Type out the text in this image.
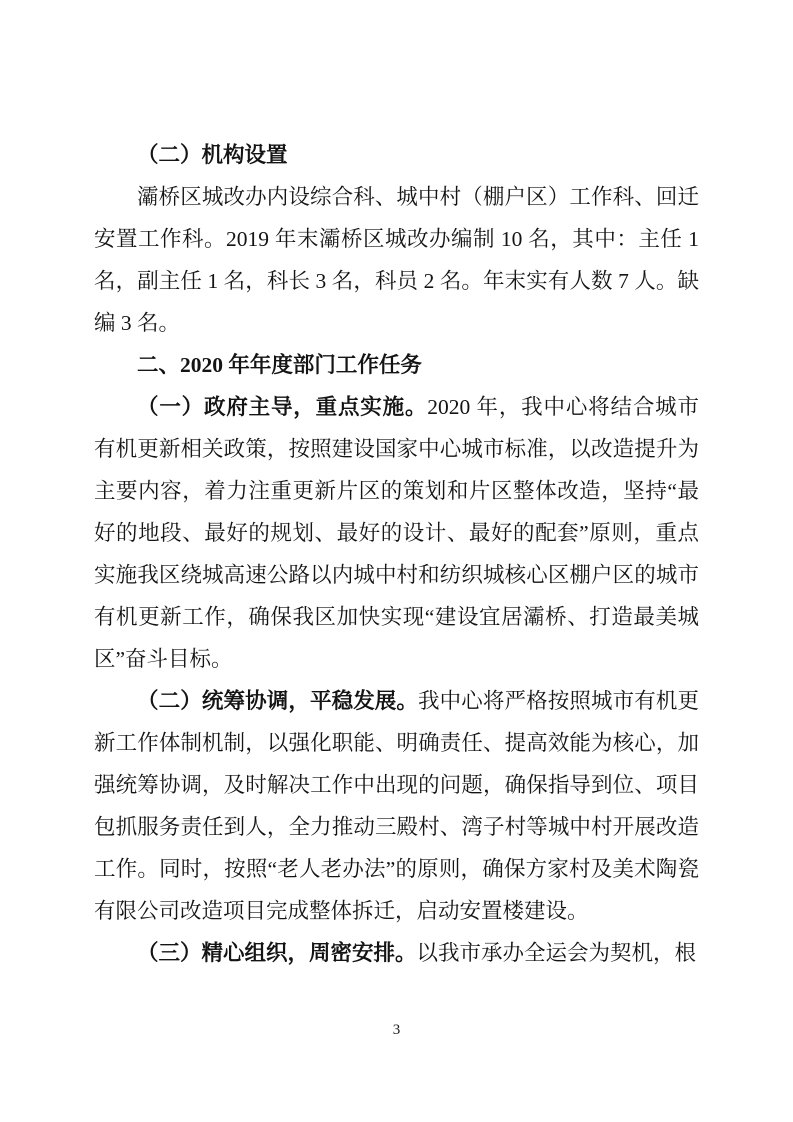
（二）机构设置

灞桥区城改办内设综合科、城中村（棚户区）工作科、回迁安置工作科。2019 年末灞桥区城改办编制 10 名，其中：主任 1 名，副主任 1 名，科长 3 名，科员 2 名。年末实有人数 7 人。缺编 3 名。

二、2020 年年度部门工作任务

（一）政府主导，重点实施。2020 年，我中心将结合城市有机更新相关政策，按照建设国家中心城市标准，以改造提升为主要内容，着力注重更新片区的策划和片区整体改造，坚持“最好的地段、最好的规划、最好的设计、最好的配套”原则，重点实施我区绕城高速公路以内城中村和纺织城核心区棚户区的城市有机更新工作，确保我区加快实现“建设宜居灞桥、打造最美城区”奋斗目标。

（二）统筹协调，平稳发展。我中心将严格按照城市有机更新工作体制机制，以强化职能、明确责任、提高效能为核心，加强统筹协调，及时解决工作中出现的问题，确保指导到位、项目包抓服务责任到人，全力推动三殿村、湾子村等城中村开展改造工作。同时，按照“老人老办法”的原则，确保方家村及美术陶瓷有限公司改造项目完成整体拆迁，启动安置楼建设。

（三）精心组织，周密安排。以我市承办全运会为契机，根

3
